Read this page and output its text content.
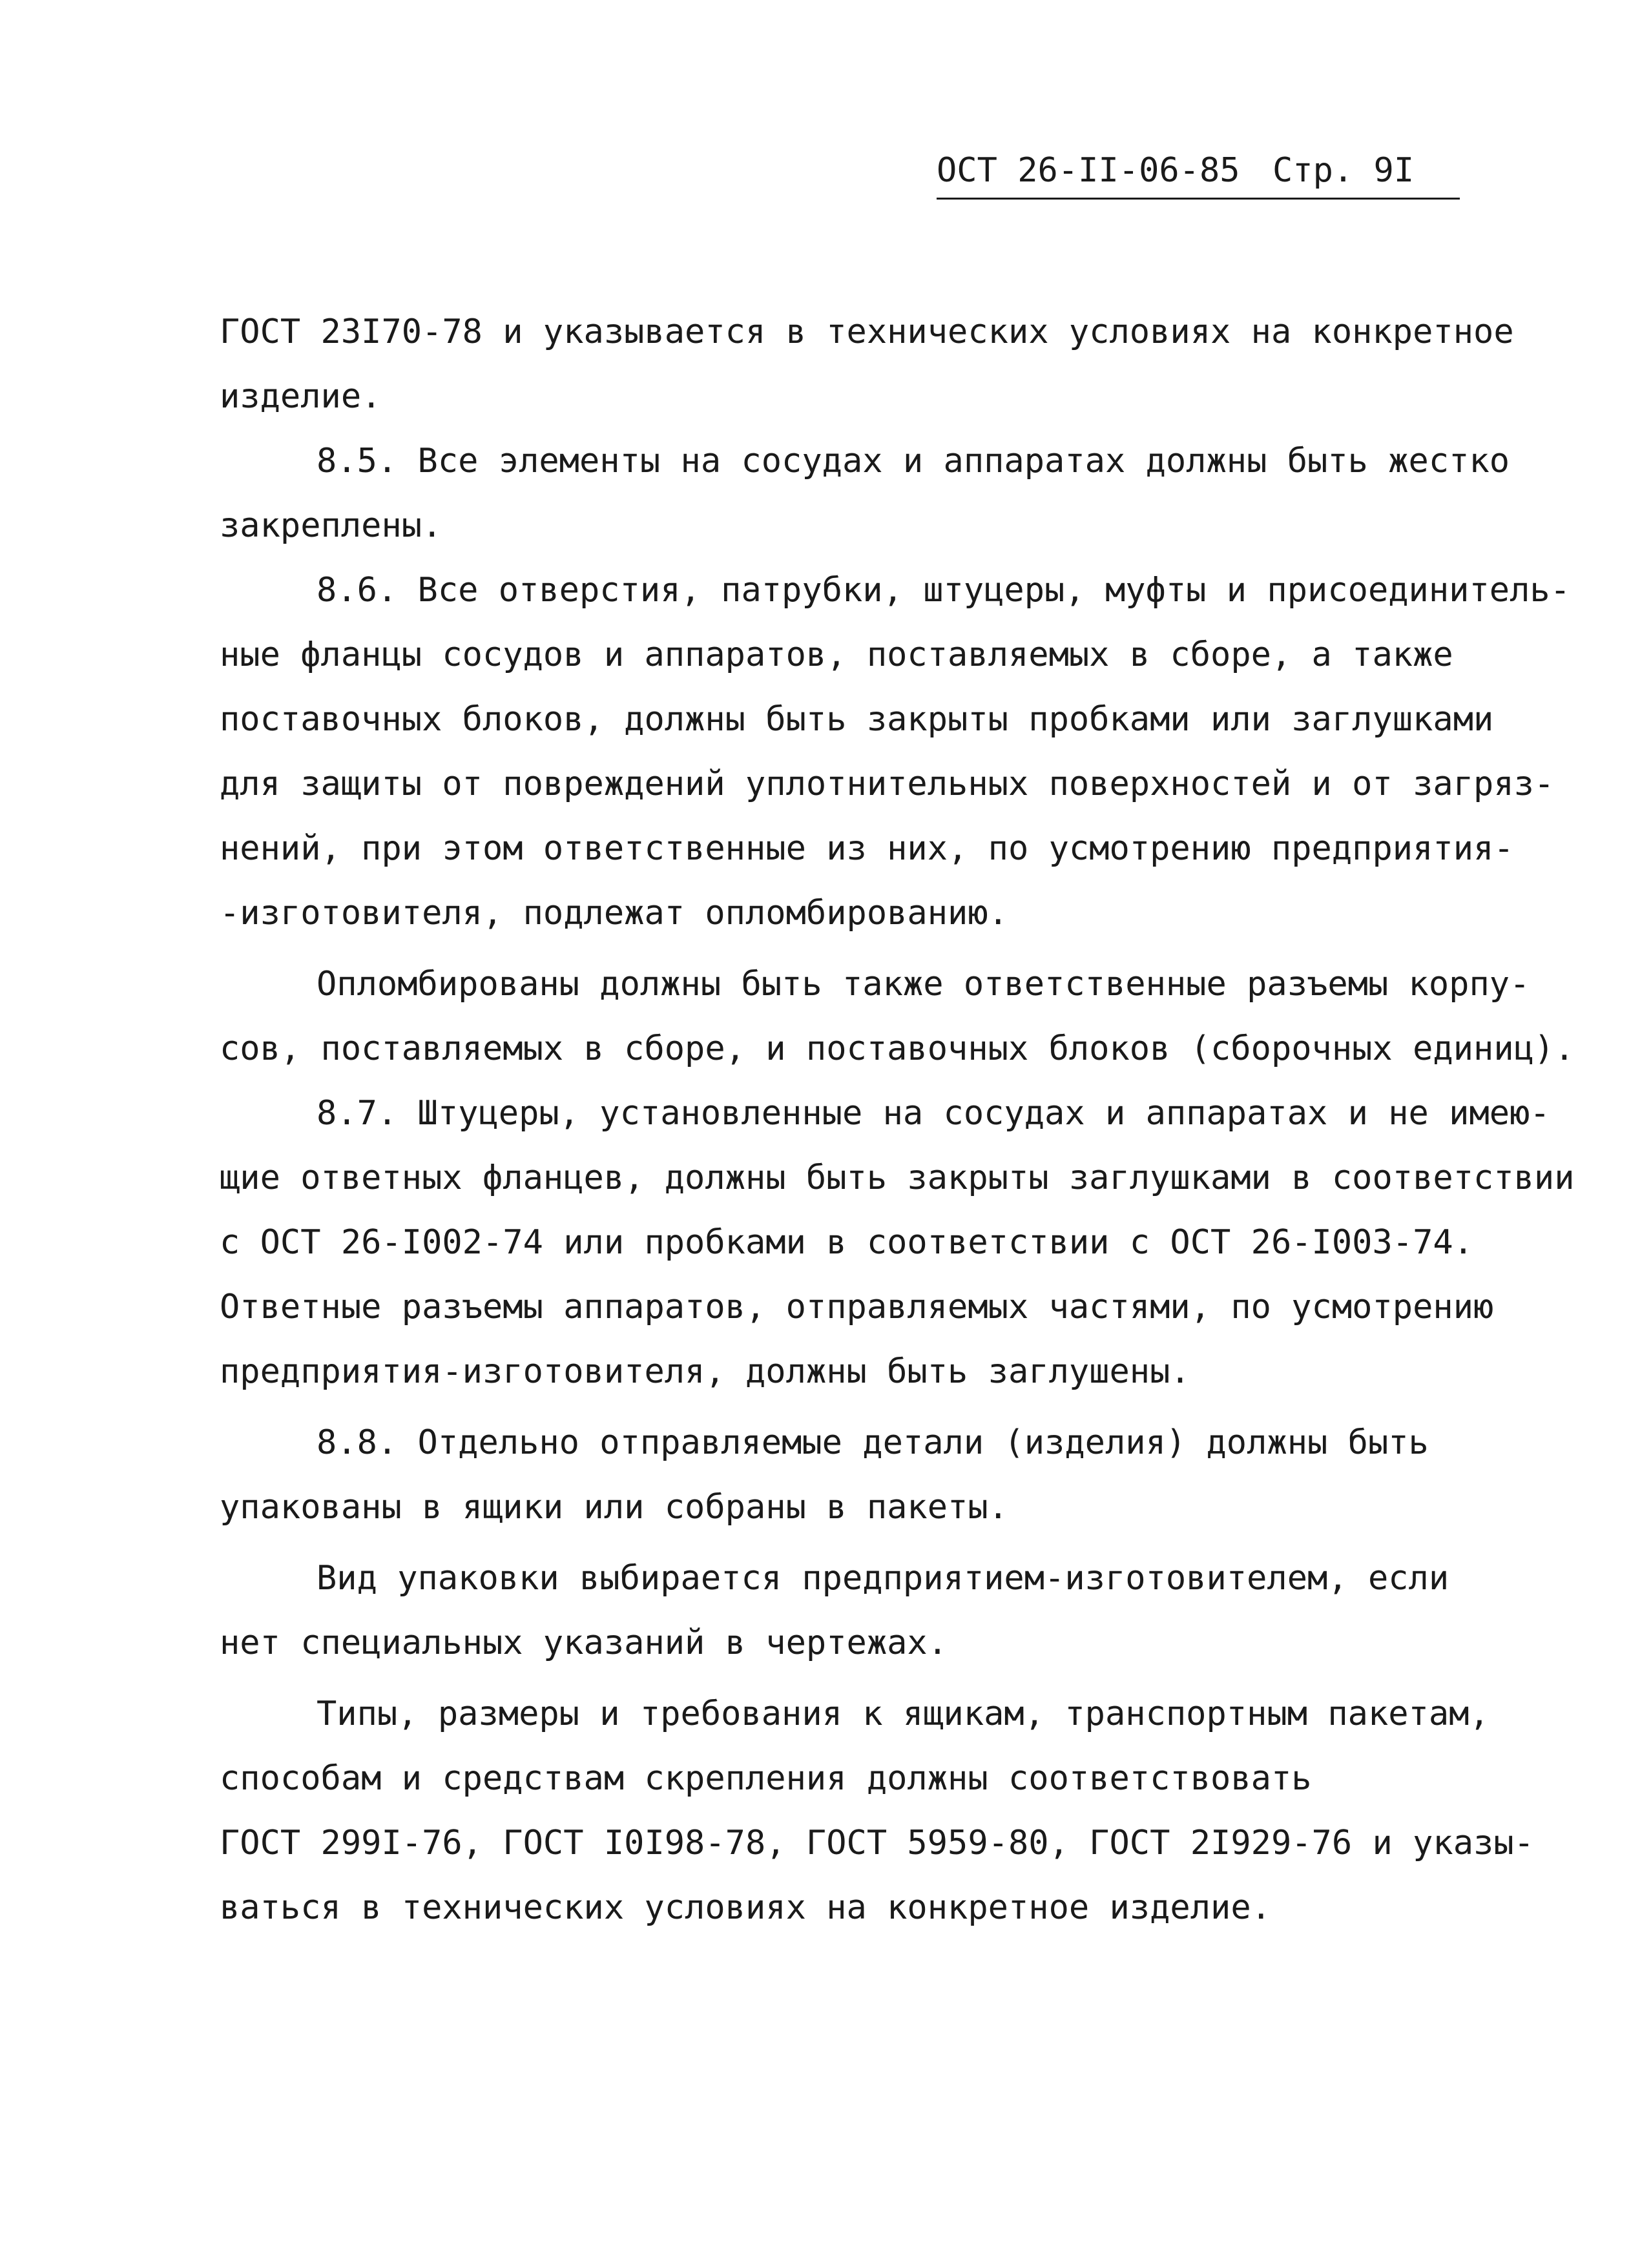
ОСТ 26-II-06-85 Стр. 9I
ГОСТ 23I70-78 и указывается в технических условиях на конкретное
изделие.
8.5. Все элементы на сосудах и аппаратах должны быть жестко
закреплены.
8.6. Все отверстия, патрубки, штуцеры, муфты и присоединитель-
ные фланцы сосудов и аппаратов, поставляемых в сборе, а также
поставочных блоков, должны быть закрыты пробками или заглушками
для защиты от повреждений уплотнительных поверхностей и от загряз-
нений, при этом ответственные из них, по усмотрению предприятия-
-изготовителя, подлежат опломбированию.
Опломбированы должны быть также ответственные разъемы корпу-
сов, поставляемых в сборе, и поставочных блоков (сборочных единиц).
8.7. Штуцеры, установленные на сосудах и аппаратах и не имею-
щие ответных фланцев, должны быть закрыты заглушками в соответствии
с ОСТ 26-I002-74 или пробками в соответствии с ОСТ 26-I003-74.
Ответные разъемы аппаратов, отправляемых частями, по усмотрению
предприятия-изготовителя, должны быть заглушены.
8.8. Отдельно отправляемые детали (изделия) должны быть
упакованы в ящики или собраны в пакеты.
Вид упаковки выбирается предприятием-изготовителем, если
нет специальных указаний в чертежах.
Типы, размеры и требования к ящикам, транспортным пакетам,
способам и средствам скрепления должны соответствовать
ГОСТ 299I-76, ГОСТ I0I98-78, ГОСТ 5959-80, ГОСТ 2I929-76 и указы-
ваться в технических условиях на конкретное изделие.
